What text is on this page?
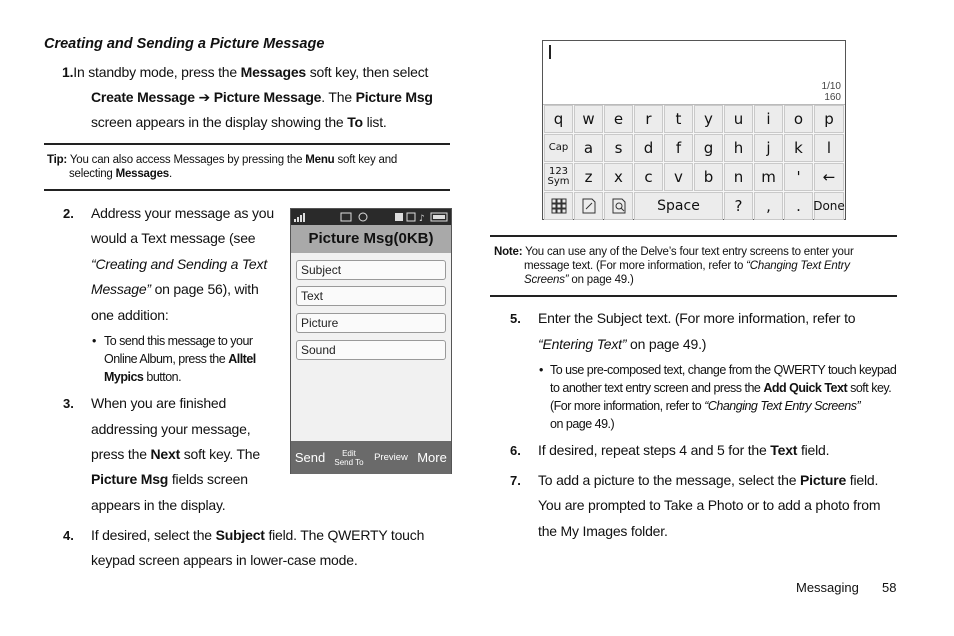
Creating and Sending a Picture Message
1.In standby mode, press the Messages soft key, then select
Create Message ➔ Picture Message. The Picture Msg
screen appears in the display showing the To list.
Tip: You can also access Messages by pressing the Menu soft key and
selecting Messages.
2. Address your message as you
would a Text message (see
“Creating and Sending a Text
Message” on page 56), with
one addition:
• To send this message to your
Online Album, press the Alltel
Mypics button.
3. When you are finished
addressing your message,
press the Next soft key. The
Picture Msg fields screen
appears in the display.
4. If desired, select the Subject field. The QWERTY touch
keypad screen appears in lower-case mode.
♪
Picture Msg(0KB)
Subject
Text
Picture
Sound
Send	Edit
Send To	Preview More
1/10
160
q	w	e	r	t	y	u	i	o	p
Cap	a	s	d	f	g	h	j	k	l
123
Sym	z	x	c	v	b	n	m	'	←
Space	?	,	.	Done
Note: You can use any of the Delve’s four text entry screens to enter your
message text. (For more information, refer to “Changing Text Entry
Screens” on page 49.)
5. Enter the Subject text. (For more information, refer to
“Entering Text” on page 49.)
• To use pre-composed text, change from the QWERTY touch keypad
to another text entry screen and press the Add Quick Text soft key.
(For more information, refer to “Changing Text Entry Screens”
on page 49.)
6. If desired, repeat steps 4 and 5 for the Text field.
7. To add a picture to the message, select the Picture field.
You are prompted to Take a Photo or to add a photo from
the My Images folder.
Messaging 58
